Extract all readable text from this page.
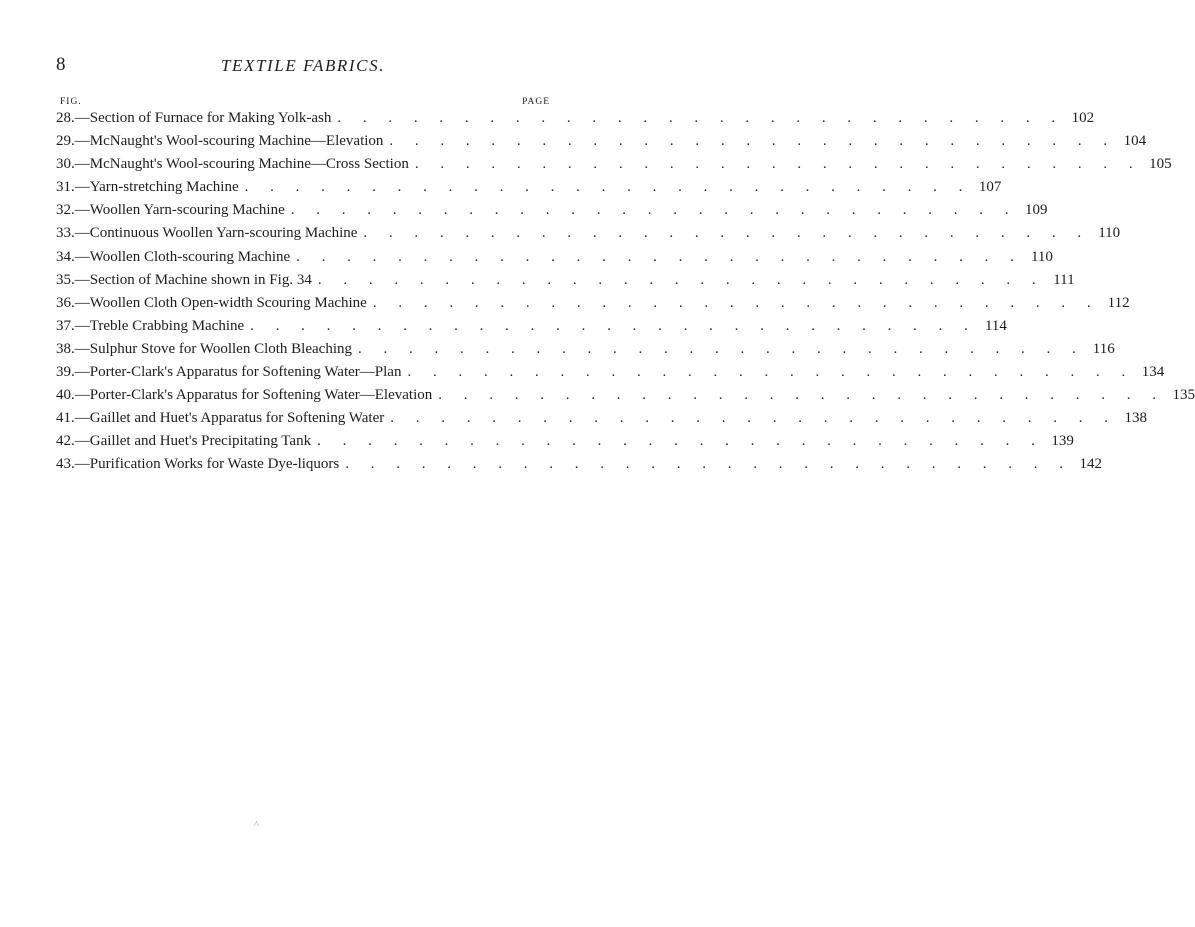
8	TEXTILE FABRICS.
FIG.	PAGE
28 .— Section of Furnace for Making Yolk-ash . . . . . . . . . . . . . . . . . . . . . . . . . . . . . 102
29 .— McNaught's Wool-scouring Machine—Elevation . . . . . . . . . . . . . . . . . . . . . . . . . . . . . 104
30 .— McNaught's Wool-scouring Machine—Cross Section . . . . . . . . . . . . . . . . . . . . . . . . . . . . . 105
31 .— Yarn-stretching Machine . . . . . . . . . . . . . . . . . . . . . . . . . . . . . 107
32 .— Woollen Yarn-scouring Machine . . . . . . . . . . . . . . . . . . . . . . . . . . . . . 109
33 .— Continuous Woollen Yarn-scouring Machine . . . . . . . . . . . . . . . . . . . . . . . . . . . . . 110
34 .— Woollen Cloth-scouring Machine . . . . . . . . . . . . . . . . . . . . . . . . . . . . . 110
35 .— Section of Machine shown in Fig. 34 . . . . . . . . . . . . . . . . . . . . . . . . . . . . . 111
36 .— Woollen Cloth Open-width Scouring Machine . . . . . . . . . . . . . . . . . . . . . . . . . . . . . 112
37 .— Treble Crabbing Machine . . . . . . . . . . . . . . . . . . . . . . . . . . . . . 114
38 .— Sulphur Stove for Woollen Cloth Bleaching . . . . . . . . . . . . . . . . . . . . . . . . . . . . . 116
39 .— Porter-Clark's Apparatus for Softening Water—Plan . . . . . . . . . . . . . . . . . . . . . . . . . . . . . 134
40 .— Porter-Clark's Apparatus for Softening Water—Elevation . . . . . . . . . . . . . . . . . . . . . . . . . . . . . 135
41 .— Gaillet and Huet's Apparatus for Softening Water . . . . . . . . . . . . . . . . . . . . . . . . . . . . . 138
42 .— Gaillet and Huet's Precipitating Tank . . . . . . . . . . . . . . . . . . . . . . . . . . . . . 139
43 .— Purification Works for Waste Dye-liquors . . . . . . . . . . . . . . . . . . . . . . . . . . . . . 142
^
